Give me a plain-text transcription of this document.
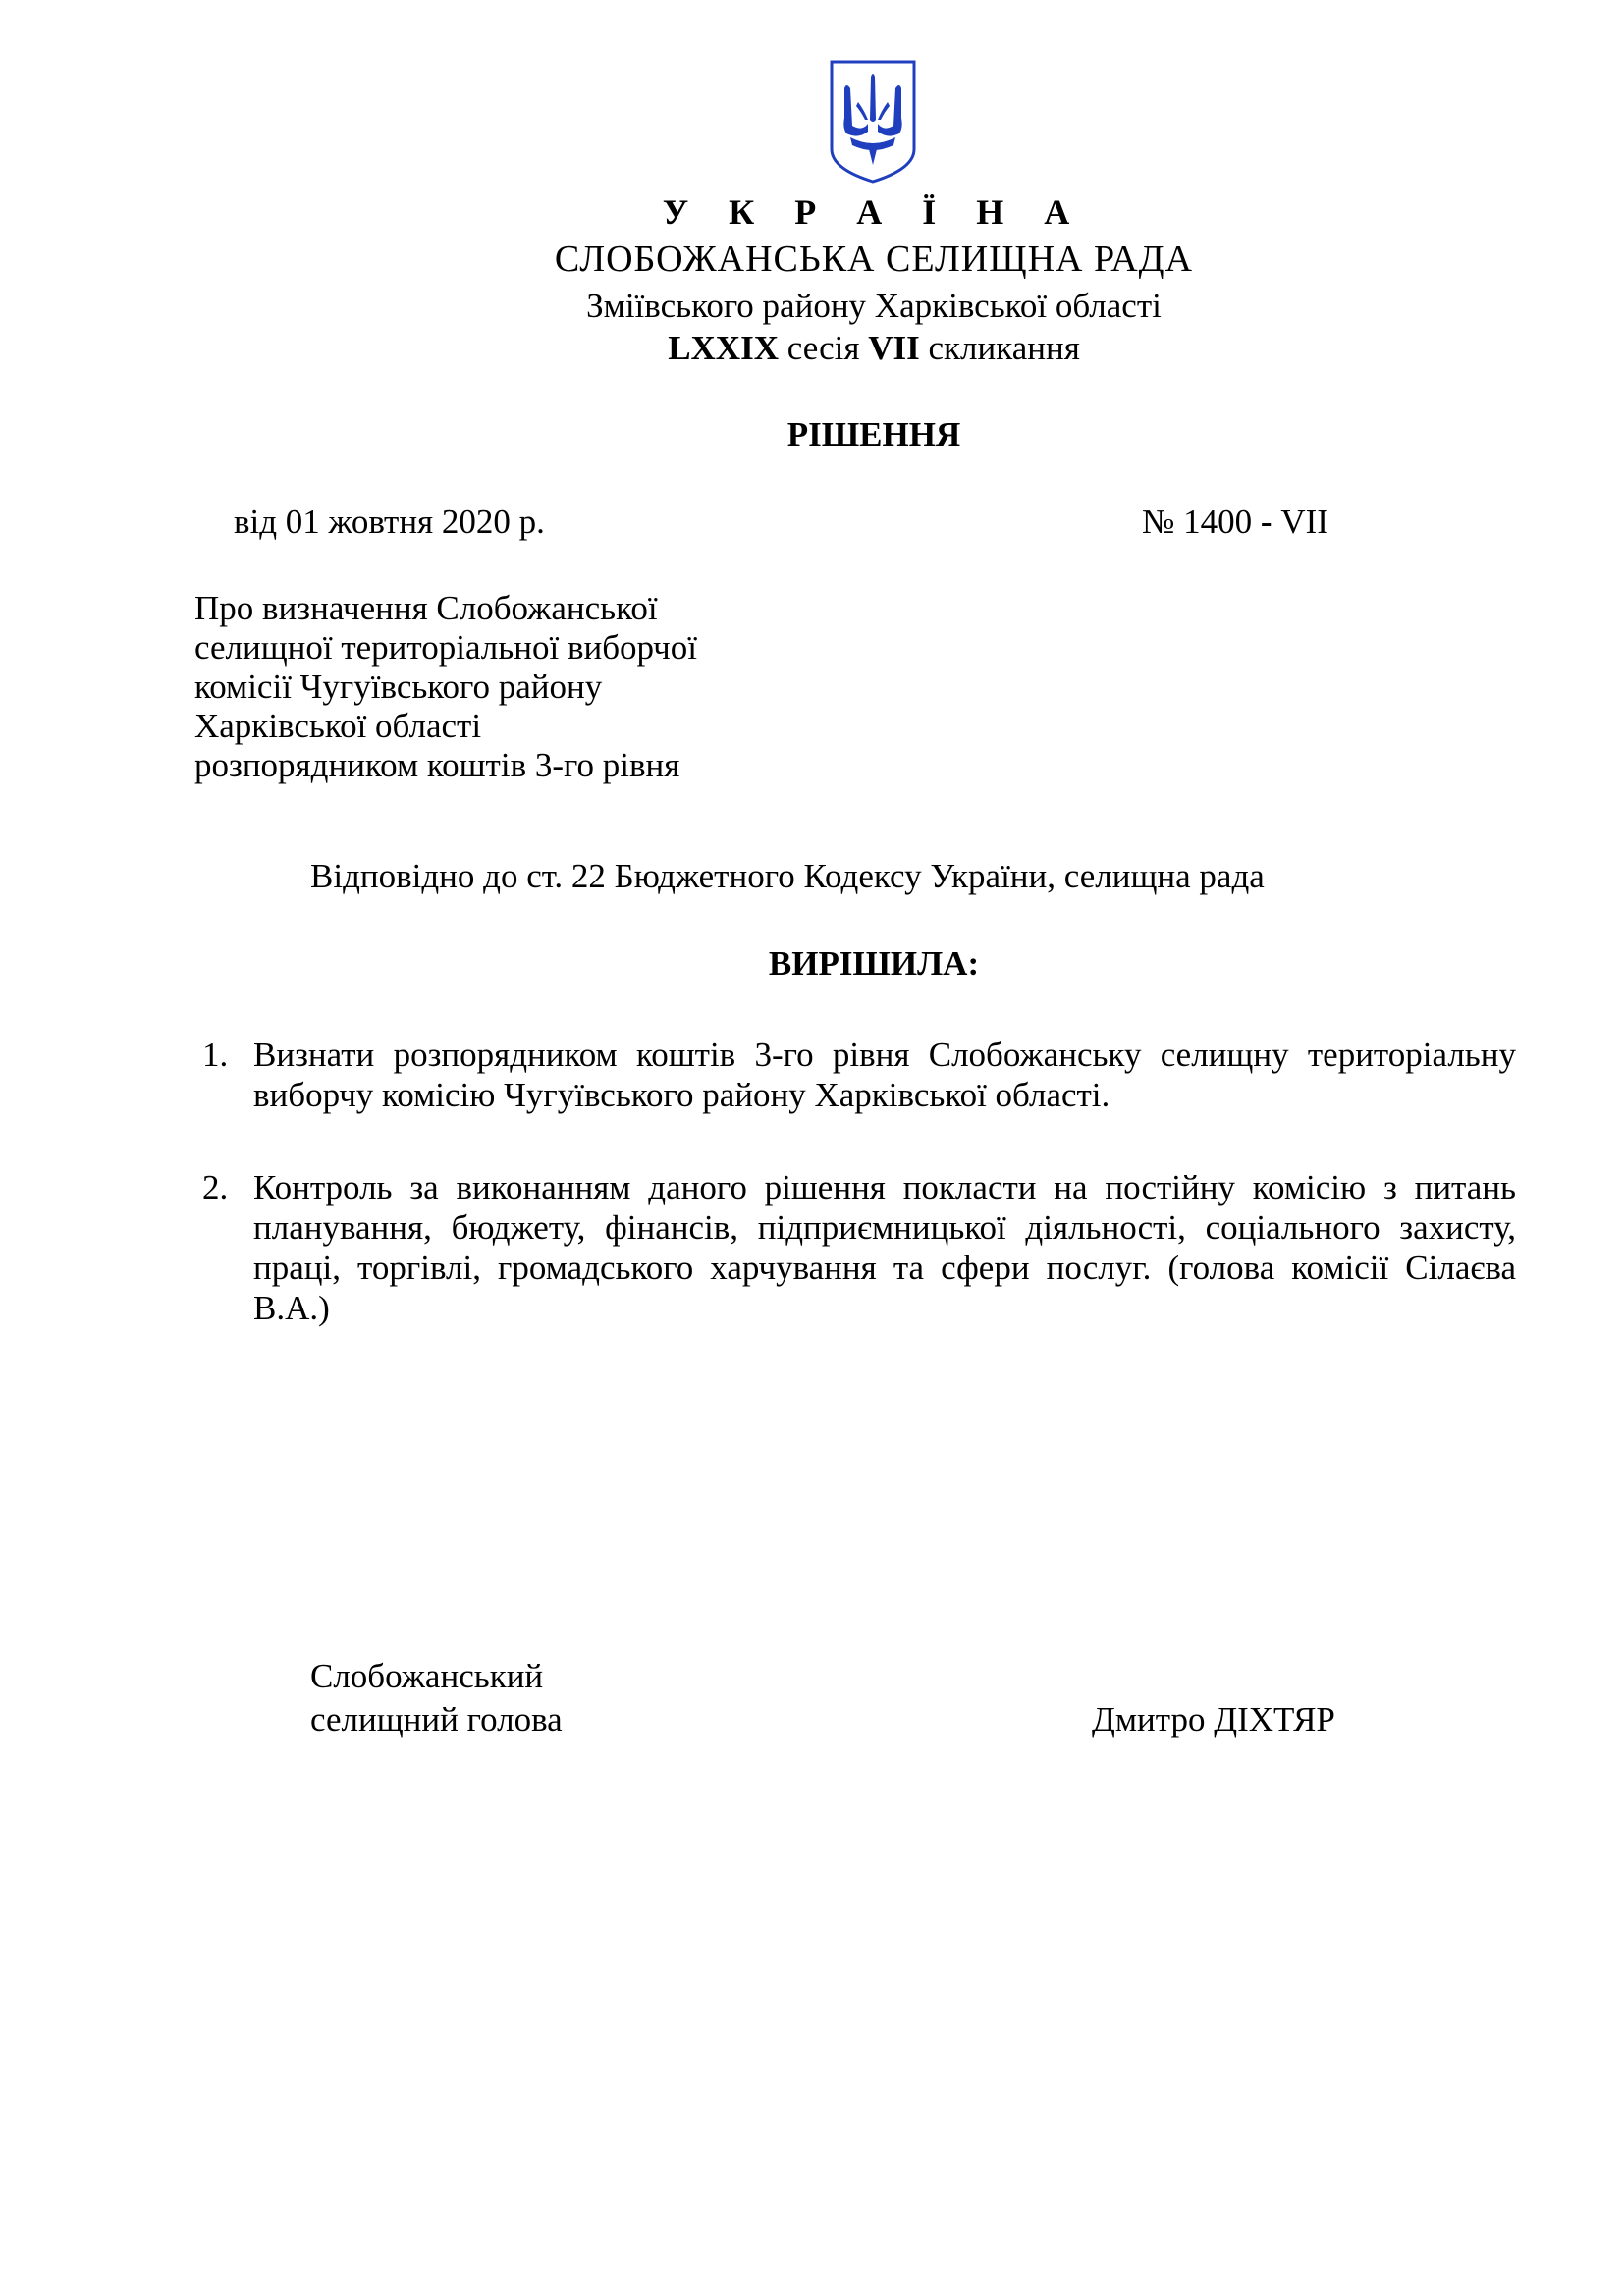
У К Р А Ї Н А
СЛОБОЖАНСЬКА СЕЛИЩНА РАДА
Зміївського району Харківської області
LXXIX сесія VII скликання
РІШЕННЯ
від 01 жовтня 2020 р.	№ 1400 - VII
Про визначення Слобожанської
селищної територіальної виборчої
комісії Чугуївського району
Харківської області
розпорядником коштів 3-го рівня
Відповідно до ст. 22 Бюджетного Кодексу України, селищна рада
ВИРІШИЛА:
1. Визнати розпорядником коштів 3-го рівня Слобожанську селищну територіальну виборчу комісію Чугуївського району Харківської області.
2. Контроль за виконанням даного рішення покласти на постійну комісію з питань планування, бюджету, фінансів, підприємницької діяльності, соціального захисту, праці, торгівлі, громадського харчування та сфери послуг. (голова комісії Сілаєва В.А.)
Слобожанський
селищний голова	Дмитро ДІХТЯР
